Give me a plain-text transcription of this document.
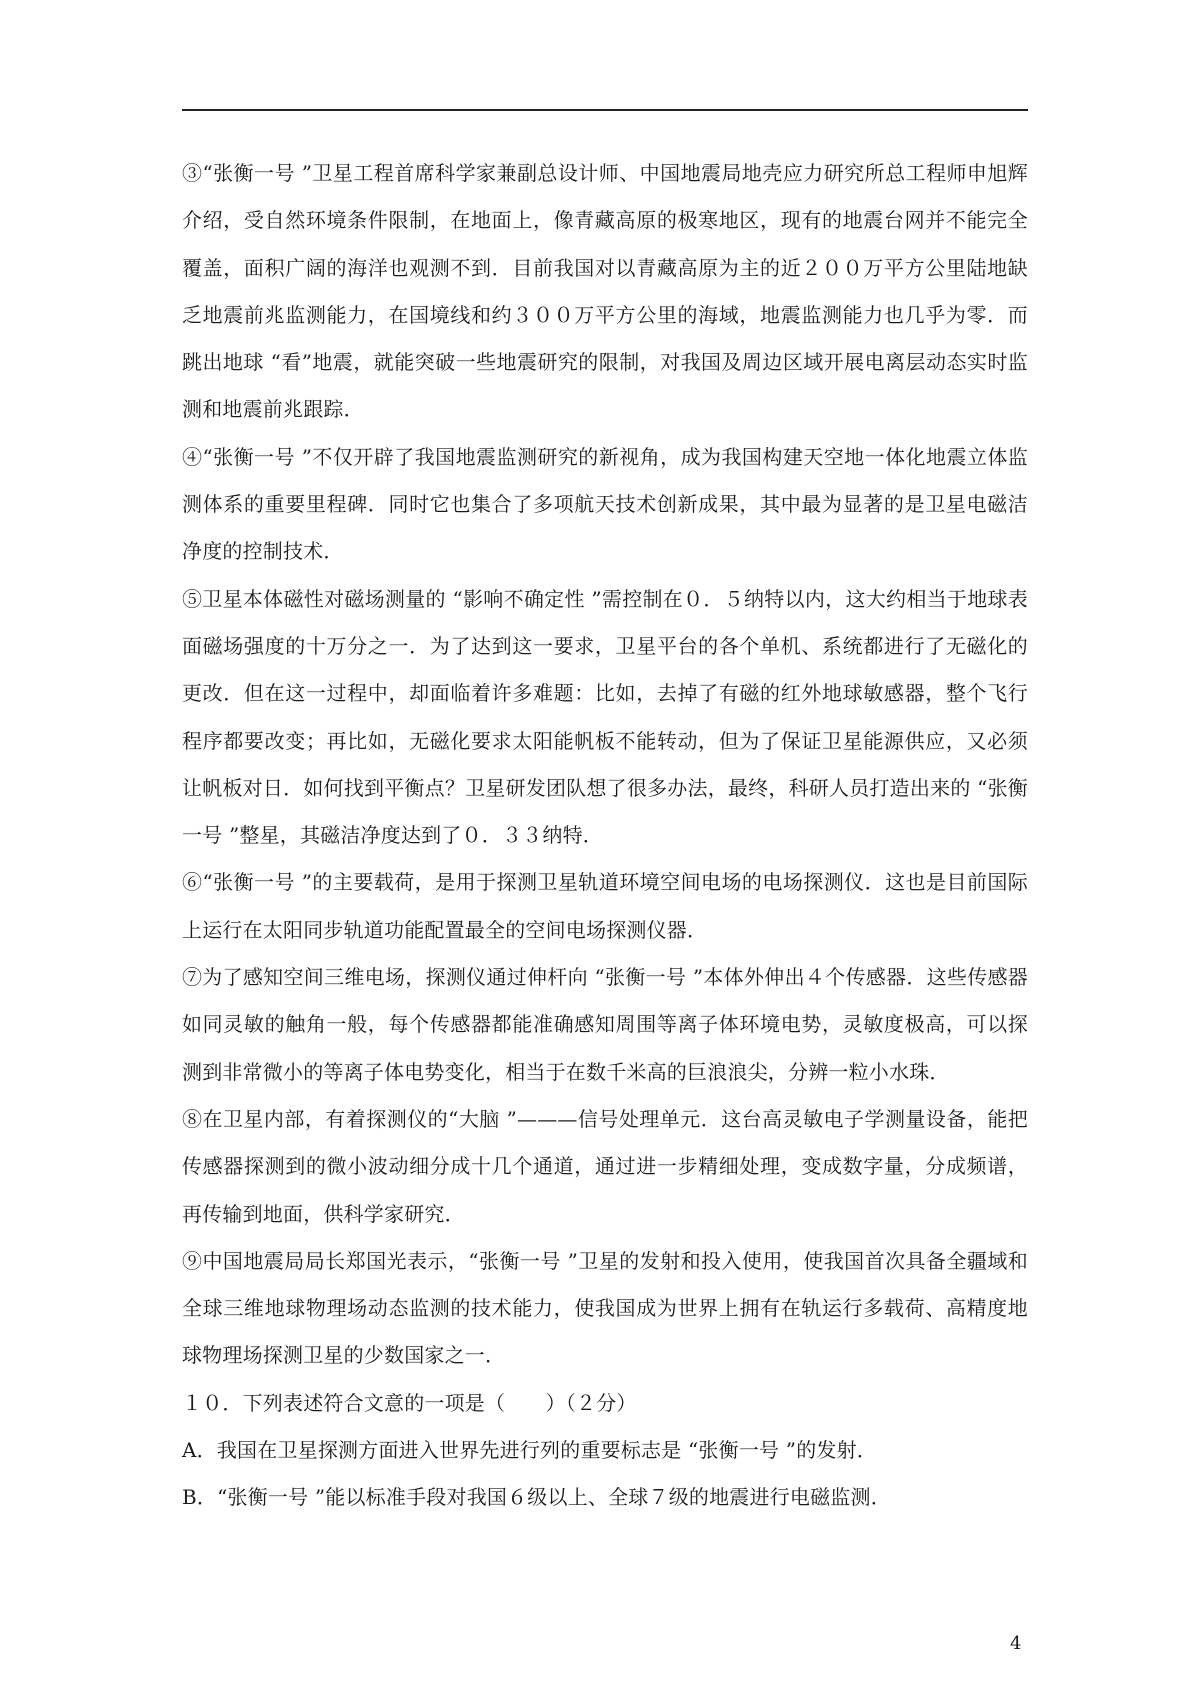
③“张衡一号 ”卫星工程首席科学家兼副总设计师、中国地震局地壳应力研究所总工程师申旭辉介绍，受自然环境条件限制，在地面上，像青藏高原的极寒地区，现有的地震台网并不能完全覆盖，面积广阔的海洋也观测不到．目前我国对以青藏高原为主的近２００万平方公里陆地缺乏地震前兆监测能力，在国境线和约３００万平方公里的海域，地震监测能力也几乎为零．而跳出地球 “看”地震，就能突破一些地震研究的限制，对我国及周边区域开展电离层动态实时监测和地震前兆跟踪．

④“张衡一号 ”不仅开辟了我国地震监测研究的新视角，成为我国构建天空地一体化地震立体监测体系的重要里程碑．同时它也集合了多项航天技术创新成果，其中最为显著的是卫星电磁洁净度的控制技术．

⑤卫星本体磁性对磁场测量的 “影响不确定性 ”需控制在０．５纳特以内，这大约相当于地球表面磁场强度的十万分之一．为了达到这一要求，卫星平台的各个单机、系统都进行了无磁化的更改．但在这一过程中，却面临着许多难题：比如，去掉了有磁的红外地球敏感器，整个飞行程序都要改变；再比如，无磁化要求太阳能帆板不能转动，但为了保证卫星能源供应，又必须让帆板对日．如何找到平衡点？卫星研发团队想了很多办法，最终，科研人员打造出来的 “张衡一号 ”整星，其磁洁净度达到了０．３３纳特．

⑥“张衡一号 ”的主要载荷，是用于探测卫星轨道环境空间电场的电场探测仪．这也是目前国际上运行在太阳同步轨道功能配置最全的空间电场探测仪器．

⑦为了感知空间三维电场，探测仪通过伸杆向 “张衡一号 ”本体外伸出４个传感器．这些传感器如同灵敏的触角一般，每个传感器都能准确感知周围等离子体环境电势，灵敏度极高，可以探测到非常微小的等离子体电势变化，相当于在数千米高的巨浪浪尖，分辨一粒小水珠．

⑧在卫星内部，有着探测仪的“大脑 ”———信号处理单元．这台高灵敏电子学测量设备，能把传感器探测到的微小波动细分成十几个通道，通过进一步精细处理，变成数字量，分成频谱，再传输到地面，供科学家研究．

⑨中国地震局局长郑国光表示，“张衡一号 ”卫星的发射和投入使用，使我国首次具备全疆域和全球三维地球物理场动态监测的技术能力，使我国成为世界上拥有在轨运行多载荷、高精度地球物理场探测卫星的少数国家之一．

１０．下列表述符合文意的一项是（　　）（２分）

A．我国在卫星探测方面进入世界先进行列的重要标志是 “张衡一号 ”的发射．

B．“张衡一号 ”能以标准手段对我国６级以上、全球７级的地震进行电磁监测．

4
